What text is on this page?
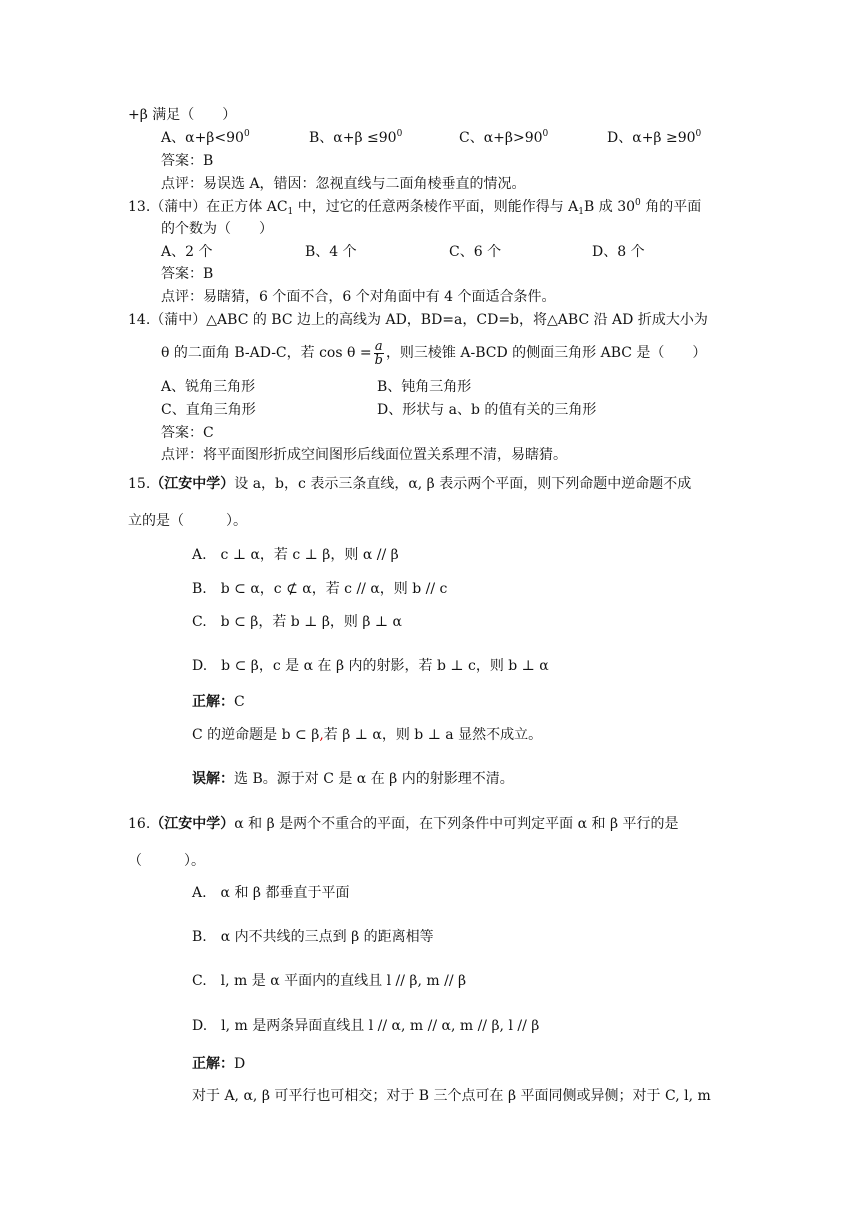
+β 满足（　　）
A、$\alpha+\beta<90^0$	B、$\alpha+\beta \le 90^0$	C、$\alpha+\beta>90^0$	D、$\alpha+\beta \ge 90^0$
答案：B
点评：易误选 A，错因：忽视直线与二面角棱垂直的情况。
13.（蒲中）在正方体 $AC_1$ 中，过它的任意两条棱作平面，则能作得与 $A_1B$ 成 $30^0$ 角的平面
的个数为（　　）
A、2 个	B、4 个	C、6 个	D、8 个
答案：B
点评：易瞎猜，6 个面不合，6 个对角面中有 4 个面适合条件。
14.（蒲中）△ABC 的 BC 边上的高线为 AD，BD=a，CD=b，将△ABC 沿 AD 折成大小为
θ 的二面角 B-AD-C，若 $\cos \theta = \frac{a}{b}$ ，则三棱锥 A-BCD 的侧面三角形 ABC 是（　　）
A、锐角三角形	B、钝角三角形
C、直角三角形	D、形状与 a、b 的值有关的三角形
答案：C
点评：将平面图形折成空间图形后线面位置关系理不清，易瞎猜。
15.（江安中学）设 a，b，c 表示三条直线，α, β 表示两个平面，则下列命题中逆命题不成
立的是（　　　）。
A.　c ⊥ α，若 c ⊥ β，则 α // β
B.　b ⊂ α，c ⊄ α，若 c // α，则 b // c
C.　b ⊂ β，若 b ⊥ β，则 β ⊥ α
D.　b ⊂ β，c 是 α 在 β 内的射影，若 b ⊥ c，则 b ⊥ α
正解：C
C 的逆命题是 b ⊂ β,若 β ⊥ α，则 b ⊥ a 显然不成立。
误解：选 B。源于对 C 是 α 在 β 内的射影理不清。
16.（江安中学）α 和 β 是两个不重合的平面，在下列条件中可判定平面 α 和 β 平行的是
（　　　）。
A.　α 和 β 都垂直于平面
B.　α 内不共线的三点到 β 的距离相等
C.　l, m 是 α 平面内的直线且 l // β, m // β
D.　l, m 是两条异面直线且 l // α, m // α, m // β, l // β
正解：D
对于 A, α, β 可平行也可相交；对于 B 三个点可在 β 平面同侧或异侧；对于 C, l, m
